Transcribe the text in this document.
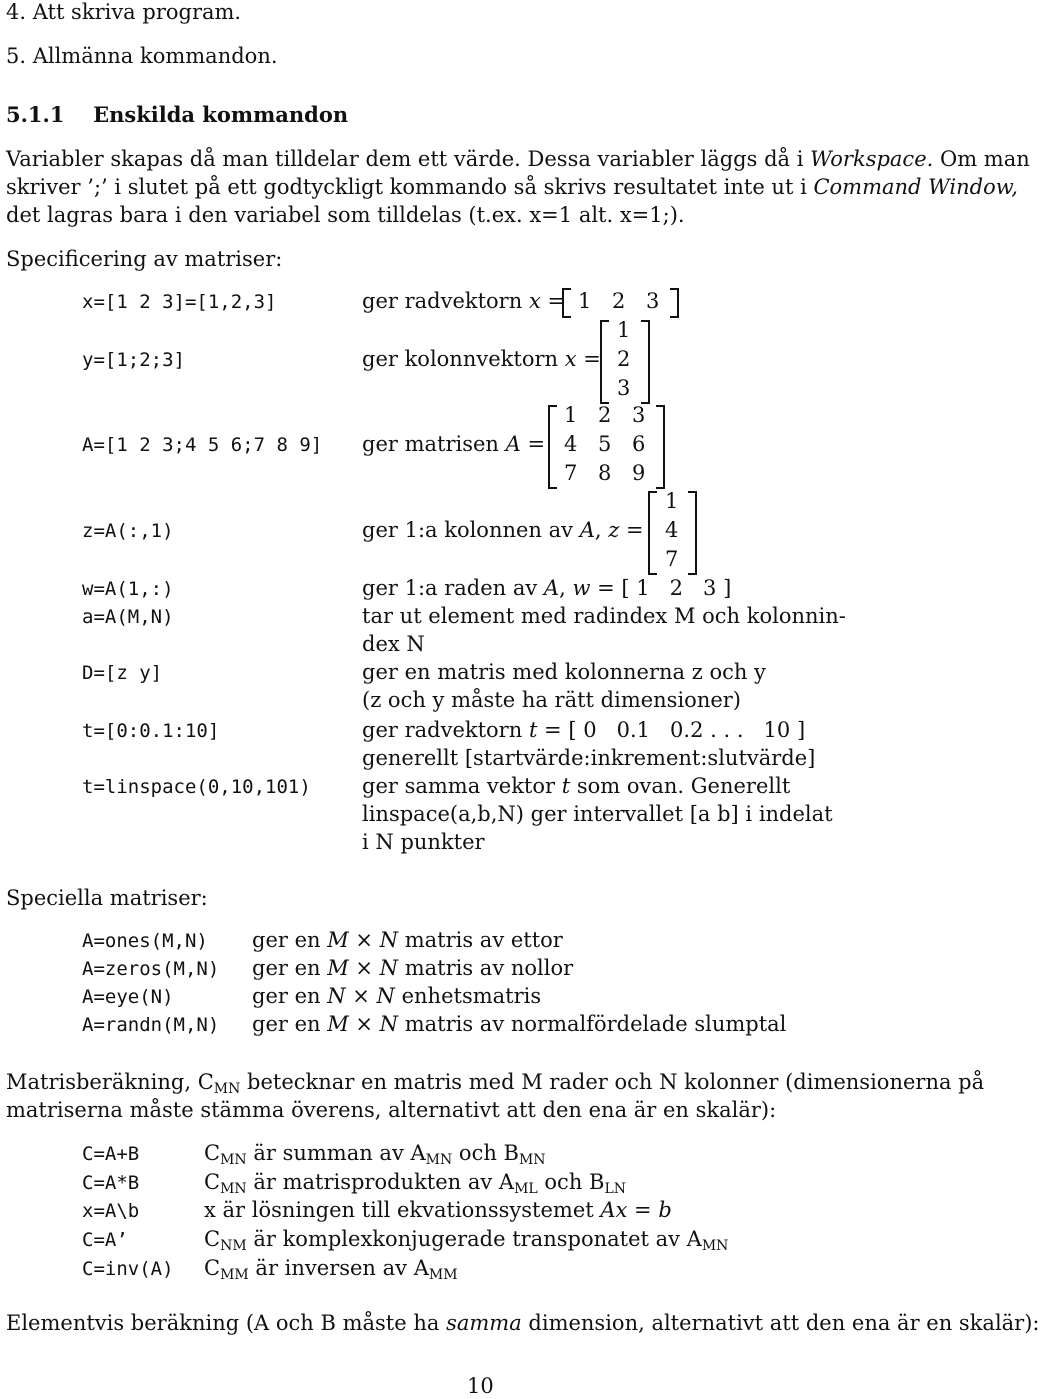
4. Att skriva program.
5. Allmänna kommandon.
5.1.1 Enskilda kommandon
Variabler skapas då man tilldelar dem ett värde. Dessa variabler läggs då i Workspace. Om man
skriver ’;’ i slutet på ett godtyckligt kommando så skrivs resultatet inte ut i Command Window,
det lagras bara i den variabel som tilldelas (t.ex. x=1 alt. x=1;).
Specificering av matriser:
x=[1 2 3]=[1,2,3]	ger radvektorn x = 1 2 3
y=[1;2;3]	ger kolonnvektorn x =
1
2
3
A=[1 2 3;4 5 6;7 8 9] ger matrisen A =
1 2 3
4 5 6
7 8 9
z=A(:,1)	ger 1:a kolonnen av A, z =
1
4
7
w=A(1,:)	ger 1:a raden av A, w = [ 1   2   3 ]
a=A(M,N)	tar ut element med radindex M och kolonnin-
dex N
D=[z y]	ger en matris med kolonnerna z och y
(z och y måste ha rätt dimensioner)
t=[0:0.1:10]	ger radvektorn t = [ 0   0.1   0.2 . . .   10 ]
generellt [startvärde:inkrement:slutvärde]
t=linspace(0,10,101) ger samma vektor t som ovan. Generellt
linspace(a,b,N) ger intervallet [a b] i indelat
i N punkter
Speciella matriser:
A=ones(M,N) ger en M × N matris av ettor
A=zeros(M,N) ger en M × N matris av nollor
A=eye(N)	ger en N × N enhetsmatris
A=randn(M,N) ger en M × N matris av normalfördelade slumptal
Matrisberäkning, $C_{MN}$ betecknar en matris med M rader och N kolonner (dimensionerna på
matriserna måste stämma överens, alternativt att den ena är en skalär):
C=A+B	$C_{MN}$ är summan av $A_{MN}$ och $B_{MN}$
C=A*B	$C_{MN}$ är matrisprodukten av $A_{ML}$ och $B_{LN}$
x=A\b	x är lösningen till ekvationssystemet Ax = b
C=A’	$C_{NM}$ är komplexkonjugerade transponatet av $A_{MN}$
C=inv(A) $C_{MM}$ är inversen av $A_{MM}$
Elementvis beräkning (A och B måste ha samma dimension, alternativt att den ena är en skalär):
10
